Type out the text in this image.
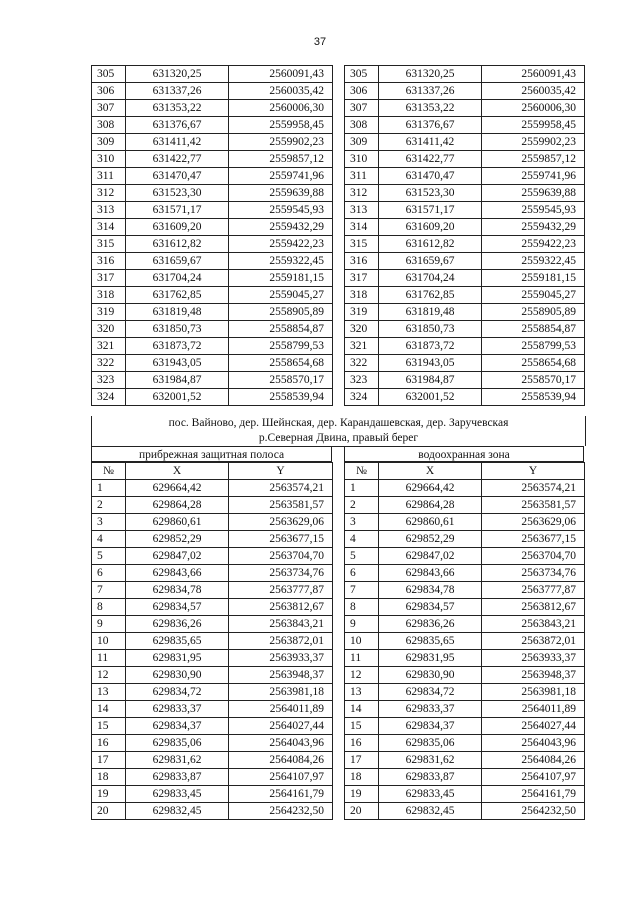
37
305	631320,25	2560091,43
306	631337,26	2560035,42
307	631353,22	2560006,30
308	631376,67	2559958,45
309	631411,42	2559902,23
310	631422,77	2559857,12
311	631470,47	2559741,96
312	631523,30	2559639,88
313	631571,17	2559545,93
314	631609,20	2559432,29
315	631612,82	2559422,23
316	631659,67	2559322,45
317	631704,24	2559181,15
318	631762,85	2559045,27
319	631819,48	2558905,89
320	631850,73	2558854,87
321	631873,72	2558799,53
322	631943,05	2558654,68
323	631984,87	2558570,17
324	632001,52	2558539,94
305	631320,25	2560091,43
306	631337,26	2560035,42
307	631353,22	2560006,30
308	631376,67	2559958,45
309	631411,42	2559902,23
310	631422,77	2559857,12
311	631470,47	2559741,96
312	631523,30	2559639,88
313	631571,17	2559545,93
314	631609,20	2559432,29
315	631612,82	2559422,23
316	631659,67	2559322,45
317	631704,24	2559181,15
318	631762,85	2559045,27
319	631819,48	2558905,89
320	631850,73	2558854,87
321	631873,72	2558799,53
322	631943,05	2558654,68
323	631984,87	2558570,17
324	632001,52	2558539,94
пос. Вайново, дер. Шейнская, дер. Карандашевская, дер. Заручевская
р.Северная Двина, правый берег
прибрежная защитная полоса	водоохранная зона
№	X	Y
1	629664,42	2563574,21
2	629864,28	2563581,57
3	629860,61	2563629,06
4	629852,29	2563677,15
5	629847,02	2563704,70
6	629843,66	2563734,76
7	629834,78	2563777,87
8	629834,57	2563812,67
9	629836,26	2563843,21
10	629835,65	2563872,01
11	629831,95	2563933,37
12	629830,90	2563948,37
13	629834,72	2563981,18
14	629833,37	2564011,89
15	629834,37	2564027,44
16	629835,06	2564043,96
17	629831,62	2564084,26
18	629833,87	2564107,97
19	629833,45	2564161,79
20	629832,45	2564232,50
№	X	Y
1	629664,42	2563574,21
2	629864,28	2563581,57
3	629860,61	2563629,06
4	629852,29	2563677,15
5	629847,02	2563704,70
6	629843,66	2563734,76
7	629834,78	2563777,87
8	629834,57	2563812,67
9	629836,26	2563843,21
10	629835,65	2563872,01
11	629831,95	2563933,37
12	629830,90	2563948,37
13	629834,72	2563981,18
14	629833,37	2564011,89
15	629834,37	2564027,44
16	629835,06	2564043,96
17	629831,62	2564084,26
18	629833,87	2564107,97
19	629833,45	2564161,79
20	629832,45	2564232,50
